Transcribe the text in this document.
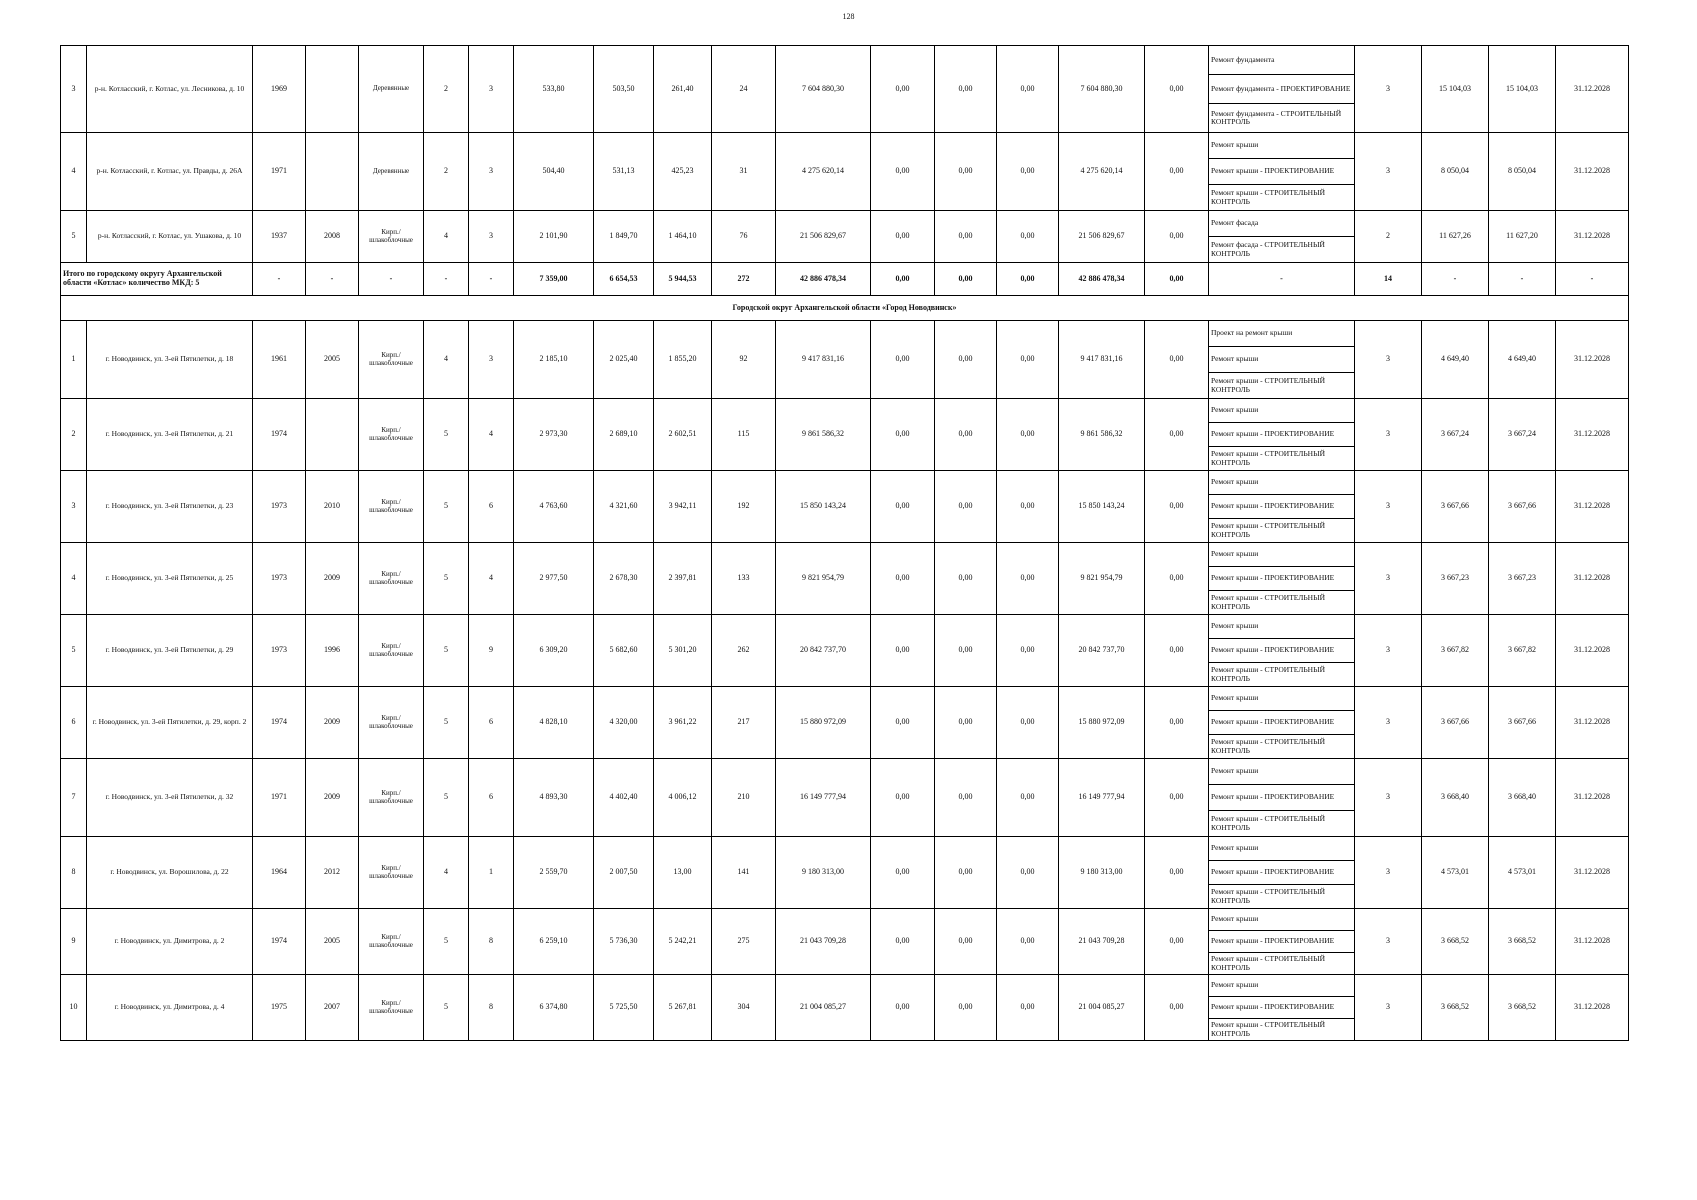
128
3	р-н. Котласский, г. Котлас, ул. Лесникова, д. 10	1969		Деревянные	2	3	533,80	503,50	261,40	24	7 604 880,30	0,00	0,00	0,00	7 604 880,30	0,00	Ремонт фундамента	3	15 104,03	15 104,03	31.12.2028
																	Ремонт фундамента - ПРОЕКТИРОВАНИЕ				
																	Ремонт фундамента - СТРОИТЕЛЬНЫЙ КОНТРОЛЬ				
4	р-н. Котласский, г. Котлас, ул. Правды, д. 26А	1971		Деревянные	2	3	504,40	531,13	425,23	31	4 275 620,14	0,00	0,00	0,00	4 275 620,14	0,00	Ремонт крыши	3	8 050,04	8 050,04	31.12.2028
																	Ремонт крыши - ПРОЕКТИРОВАНИЕ				
																	Ремонт крыши - СТРОИТЕЛЬНЫЙ КОНТРОЛЬ				
5	р-н. Котласский, г. Котлас, ул. Ушакова, д. 10	1937	2008	Кирп./ шлакоблочные	4	3	2 101,90	1 849,70	1 464,10	76	21 506 829,67	0,00	0,00	0,00	21 506 829,67	0,00	Ремонт фасада	2	11 627,26	11 627,20	31.12.2028
																	Ремонт фасада - СТРОИТЕЛЬНЫЙ КОНТРОЛЬ				
Итого по городскому округу Архангельской области «Котлас» количество МКД: 5		-	-	-	-	-	7 359,00	6 654,53	5 944,53	272	42 886 478,34	0,00	0,00	0,00	42 886 478,34	0,00	-	14	-	-	-
Городской округ Архангельской области «Город Новодвинск»																					
1	г. Новодвинск, ул. 3-ей Пятилетки, д. 18	1961	2005	Кирп./ шлакоблочные	4	3	2 185,10	2 025,40	1 855,20	92	9 417 831,16	0,00	0,00	0,00	9 417 831,16	0,00	Проект на ремонт крыши	3	4 649,40	4 649,40	31.12.2028
																	Ремонт крыши				
																	Ремонт крыши - СТРОИТЕЛЬНЫЙ КОНТРОЛЬ				
2	г. Новодвинск, ул. 3-ей Пятилетки, д. 21	1974		Кирп./ шлакоблочные	5	4	2 973,30	2 689,10	2 602,51	115	9 861 586,32	0,00	0,00	0,00	9 861 586,32	0,00	Ремонт крыши	3	3 667,24	3 667,24	31.12.2028
																	Ремонт крыши - ПРОЕКТИРОВАНИЕ				
																	Ремонт крыши - СТРОИТЕЛЬНЫЙ КОНТРОЛЬ				
3	г. Новодвинск, ул. 3-ей Пятилетки, д. 23	1973	2010	Кирп./ шлакоблочные	5	6	4 763,60	4 321,60	3 942,11	192	15 850 143,24	0,00	0,00	0,00	15 850 143,24	0,00	Ремонт крыши	3	3 667,66	3 667,66	31.12.2028
																	Ремонт крыши - ПРОЕКТИРОВАНИЕ				
																	Ремонт крыши - СТРОИТЕЛЬНЫЙ КОНТРОЛЬ				
4	г. Новодвинск, ул. 3-ей Пятилетки, д. 25	1973	2009	Кирп./ шлакоблочные	5	4	2 977,50	2 678,30	2 397,81	133	9 821 954,79	0,00	0,00	0,00	9 821 954,79	0,00	Ремонт крыши	3	3 667,23	3 667,23	31.12.2028
																	Ремонт крыши - ПРОЕКТИРОВАНИЕ				
																	Ремонт крыши - СТРОИТЕЛЬНЫЙ КОНТРОЛЬ				
5	г. Новодвинск, ул. 3-ей Пятилетки, д. 29	1973	1996	Кирп./ шлакоблочные	5	9	6 309,20	5 682,60	5 301,20	262	20 842 737,70	0,00	0,00	0,00	20 842 737,70	0,00	Ремонт крыши	3	3 667,82	3 667,82	31.12.2028
																	Ремонт крыши - ПРОЕКТИРОВАНИЕ				
																	Ремонт крыши - СТРОИТЕЛЬНЫЙ КОНТРОЛЬ				
6	г. Новодвинск, ул. 3-ей Пятилетки, д. 29, корп. 2	1974	2009	Кирп./ шлакоблочные	5	6	4 828,10	4 320,00	3 961,22	217	15 880 972,09	0,00	0,00	0,00	15 880 972,09	0,00	Ремонт крыши	3	3 667,66	3 667,66	31.12.2028
																	Ремонт крыши - ПРОЕКТИРОВАНИЕ				
																	Ремонт крыши - СТРОИТЕЛЬНЫЙ КОНТРОЛЬ				
7	г. Новодвинск, ул. 3-ей Пятилетки, д. 32	1971	2009	Кирп./ шлакоблочные	5	6	4 893,30	4 402,40	4 006,12	210	16 149 777,94	0,00	0,00	0,00	16 149 777,94	0,00	Ремонт крыши	3	3 668,40	3 668,40	31.12.2028
																	Ремонт крыши - ПРОЕКТИРОВАНИЕ				
																	Ремонт крыши - СТРОИТЕЛЬНЫЙ КОНТРОЛЬ				
8	г. Новодвинск, ул. Ворошилова, д. 22	1964	2012	Кирп./ шлакоблочные	4	1	2 559,70	2 007,50	13,00	141	9 180 313,00	0,00	0,00	0,00	9 180 313,00	0,00	Ремонт крыши	3	4 573,01	4 573,01	31.12.2028
																	Ремонт крыши - ПРОЕКТИРОВАНИЕ				
																	Ремонт крыши - СТРОИТЕЛЬНЫЙ КОНТРОЛЬ				
9	г. Новодвинск, ул. Димитрова, д. 2	1974	2005	Кирп./ шлакоблочные	5	8	6 259,10	5 736,30	5 242,21	275	21 043 709,28	0,00	0,00	0,00	21 043 709,28	0,00	Ремонт крыши	3	3 668,52	3 668,52	31.12.2028
																	Ремонт крыши - ПРОЕКТИРОВАНИЕ				
																	Ремонт крыши - СТРОИТЕЛЬНЫЙ КОНТРОЛЬ				
10	г. Новодвинск, ул. Димитрова, д. 4	1975	2007	Кирп./ шлакоблочные	5	8	6 374,80	5 725,50	5 267,81	304	21 004 085,27	0,00	0,00	0,00	21 004 085,27	0,00	Ремонт крыши	3	3 668,52	3 668,52	31.12.2028
																	Ремонт крыши - ПРОЕКТИРОВАНИЕ				
																	Ремонт крыши - СТРОИТЕЛЬНЫЙ КОНТРОЛЬ				
